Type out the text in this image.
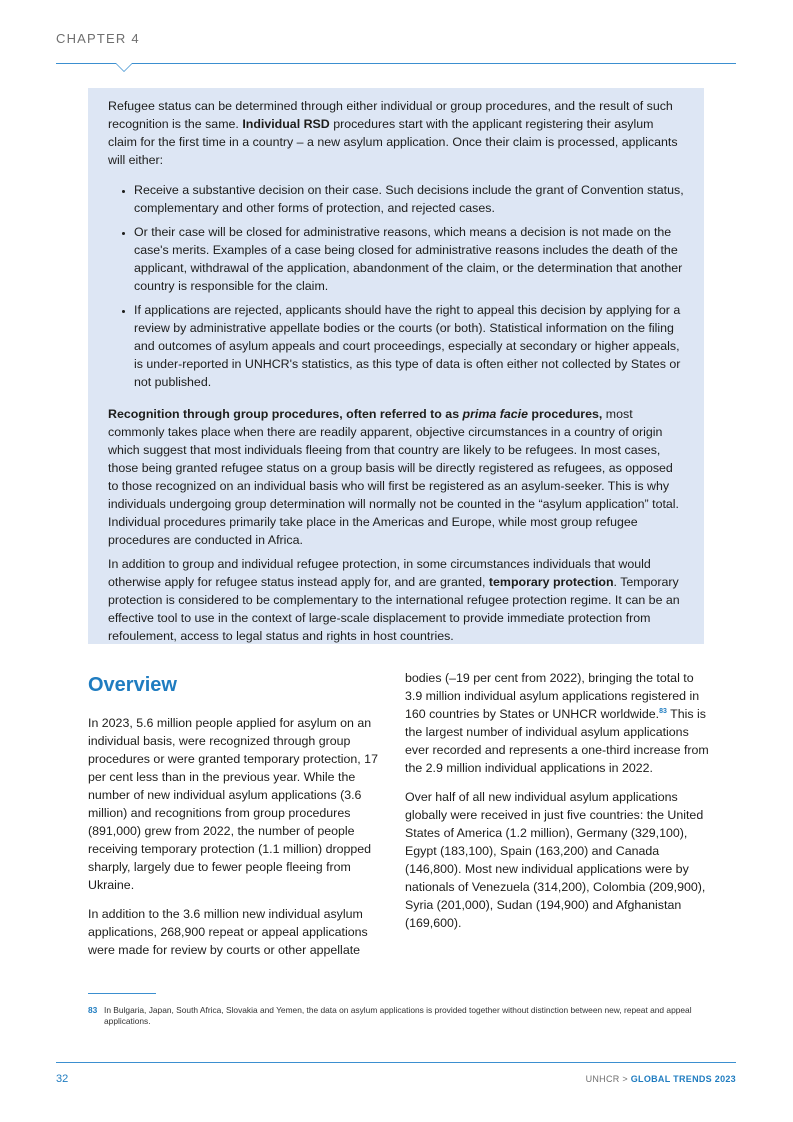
CHAPTER 4

Refugee status can be determined through either individual or group procedures, and the result of such recognition is the same. Individual RSD procedures start with the applicant registering their asylum claim for the first time in a country – a new asylum application. Once their claim is processed, applicants will either:

• Receive a substantive decision on their case. Such decisions include the grant of Convention status, complementary and other forms of protection, and rejected cases.
• Or their case will be closed for administrative reasons, which means a decision is not made on the case's merits. Examples of a case being closed for administrative reasons includes the death of the applicant, withdrawal of the application, abandonment of the claim, or the determination that another country is responsible for the claim.
• If applications are rejected, applicants should have the right to appeal this decision by applying for a review by administrative appellate bodies or the courts (or both). Statistical information on the filing and outcomes of asylum appeals and court proceedings, especially at secondary or higher appeals, is under-reported in UNHCR's statistics, as this type of data is often either not collected by States or not published.

Recognition through group procedures, often referred to as prima facie procedures, most commonly takes place when there are readily apparent, objective circumstances in a country of origin which suggest that most individuals fleeing from that country are likely to be refugees. In most cases, those being granted refugee status on a group basis will be directly registered as refugees, as opposed to those recognized on an individual basis who will first be registered as an asylum-seeker. This is why individuals undergoing group determination will normally not be counted in the “asylum application” total. Individual procedures primarily take place in the Americas and Europe, while most group refugee procedures are conducted in Africa.

In addition to group and individual refugee protection, in some circumstances individuals that would otherwise apply for refugee status instead apply for, and are granted, temporary protection. Temporary protection is considered to be complementary to the international refugee protection regime. It can be an effective tool to use in the context of large-scale displacement to provide immediate protection from refoulement, access to legal status and rights in host countries.

Overview

In 2023, 5.6 million people applied for asylum on an individual basis, were recognized through group procedures or were granted temporary protection, 17 per cent less than in the previous year. While the number of new individual asylum applications (3.6 million) and recognitions from group procedures (891,000) grew from 2022, the number of people receiving temporary protection (1.1 million) dropped sharply, largely due to fewer people fleeing from Ukraine.

In addition to the 3.6 million new individual asylum applications, 268,900 repeat or appeal applications were made for review by courts or other appellate

bodies (–19 per cent from 2022), bringing the total to 3.9 million individual asylum applications registered in 160 countries by States or UNHCR worldwide.$^{83}$ This is the largest number of individual asylum applications ever recorded and represents a one-third increase from the 2.9 million individual applications in 2022.

Over half of all new individual asylum applications globally were received in just five countries: the United States of America (1.2 million), Germany (329,100), Egypt (183,100), Spain (163,200) and Canada (146,800). Most new individual applications were by nationals of Venezuela (314,200), Colombia (209,900), Syria (201,000), Sudan (194,900) and Afghanistan (169,600).

83 In Bulgaria, Japan, South Africa, Slovakia and Yemen, the data on asylum applications is provided together without distinction between new, repeat and appeal applications.
32	UNHCR > GLOBAL TRENDS 2023
